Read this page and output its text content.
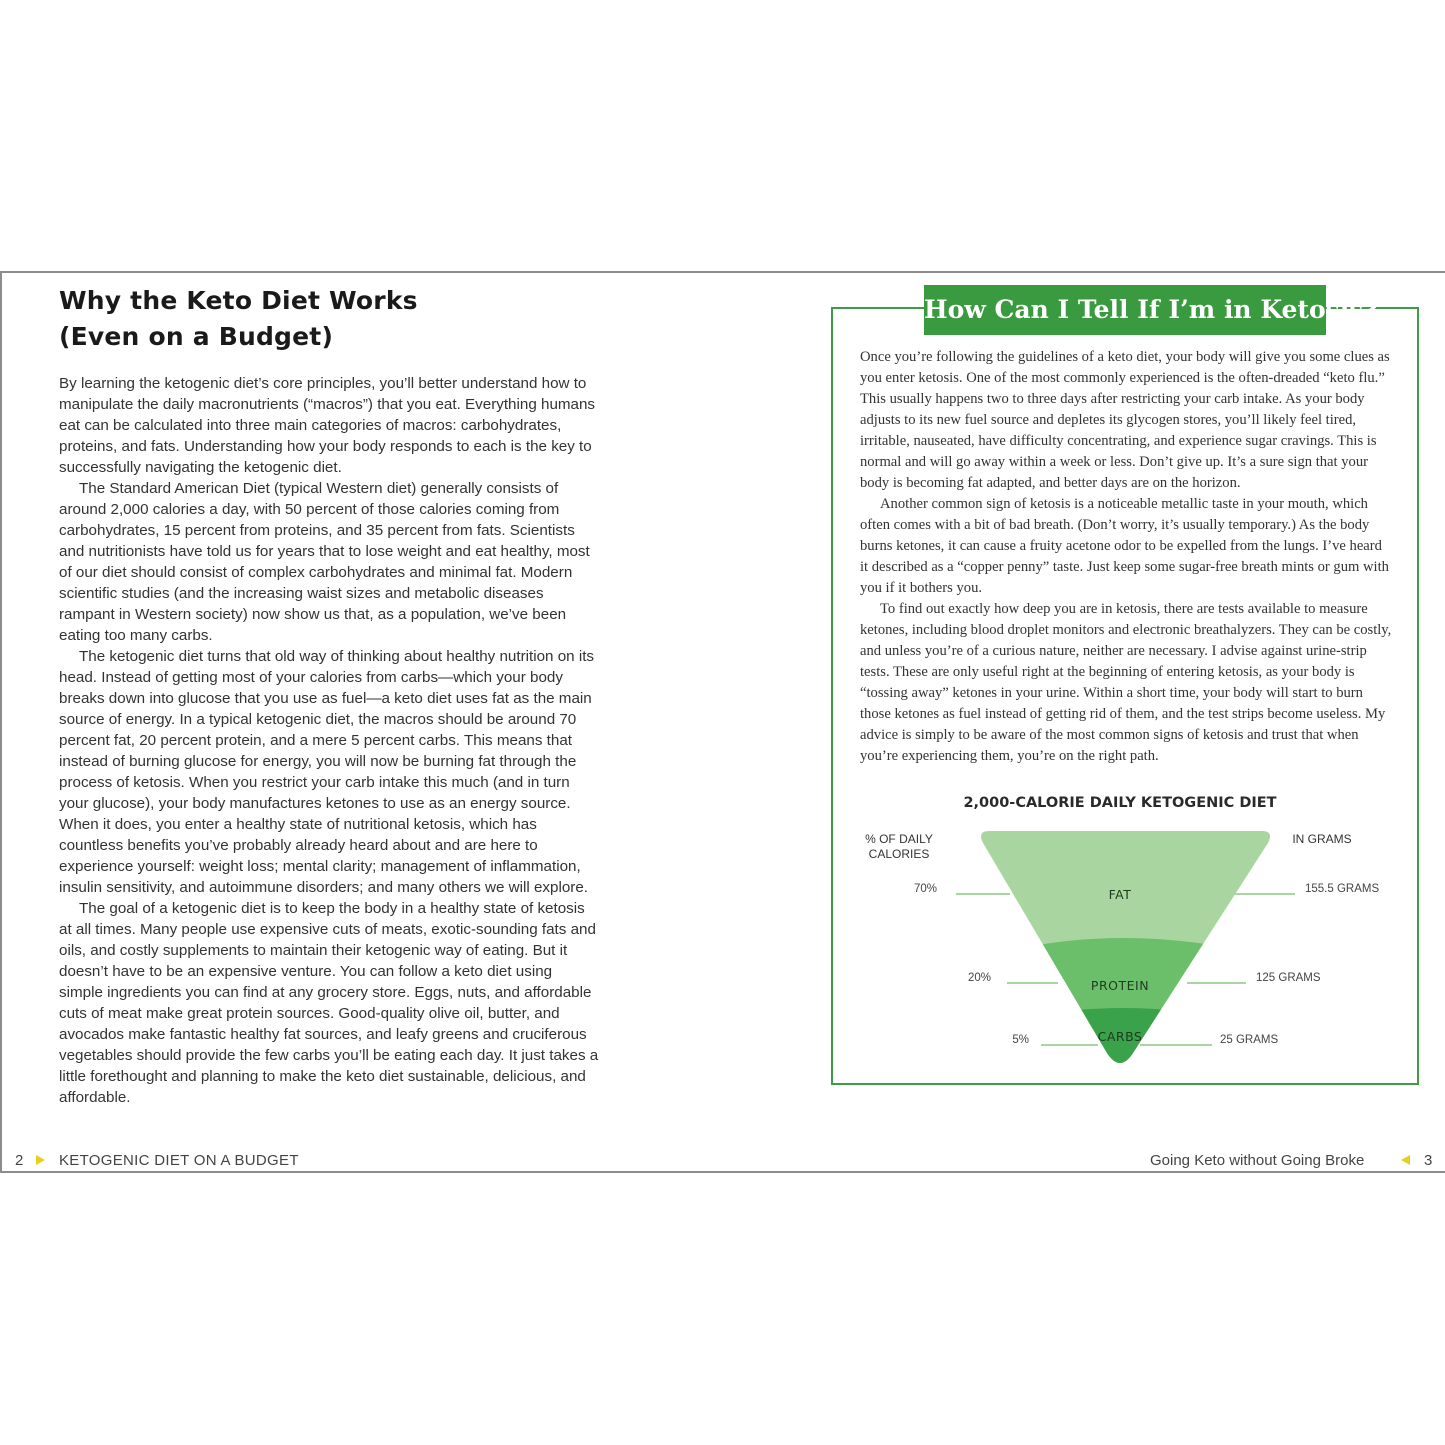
Why the Keto Diet Works
(Even on a Budget)

By learning the ketogenic diet’s core principles, you’ll better understand how to manipulate the daily macronutrients (“macros”) that you eat. Everything humans eat can be calculated into three main categories of macros: carbohydrates, proteins, and fats. Understanding how your body responds to each is the key to successfully navigating the ketogenic diet.

The Standard American Diet (typical Western diet) generally consists of around 2,000 calories a day, with 50 percent of those calories coming from carbohydrates, 15 percent from proteins, and 35 percent from fats. Scientists and nutritionists have told us for years that to lose weight and eat healthy, most of our diet should consist of complex carbohydrates and minimal fat. Modern scientific studies (and the increasing waist sizes and metabolic diseases rampant in Western society) now show us that, as a population, we’ve been eating too many carbs.

The ketogenic diet turns that old way of thinking about healthy nutrition on its head. Instead of getting most of your calories from carbs—which your body breaks down into glucose that you use as fuel—a keto diet uses fat as the main source of energy. In a typical ketogenic diet, the macros should be around 70 percent fat, 20 percent protein, and a mere 5 percent carbs. This means that instead of burning glucose for energy, you will now be burning fat through the process of ketosis. When you restrict your carb intake this much (and in turn your glucose), your body manufactures ketones to use as an energy source. When it does, you enter a healthy state of nutritional ketosis, which has countless benefits you’ve probably already heard about and are here to experience yourself: weight loss; mental clarity; management of inflammation, insulin sensitivity, and autoimmune disorders; and many others we will explore.

The goal of a ketogenic diet is to keep the body in a healthy state of ketosis at all times. Many people use expensive cuts of meats, exotic-sounding fats and oils, and costly supplements to maintain their ketogenic way of eating. But it doesn’t have to be an expensive venture. You can follow a keto diet using simple ingredients you can find at any grocery store. Eggs, nuts, and affordable cuts of meat make great protein sources. Good-quality olive oil, butter, and avocados make fantastic healthy fat sources, and leafy greens and cruciferous vegetables should provide the few carbs you’ll be eating each day. It just takes a little forethought and planning to make the keto diet sustainable, delicious, and affordable.

How Can I Tell If I’m in Ketosis?

Once you’re following the guidelines of a keto diet, your body will give you some clues as you enter ketosis. One of the most commonly experienced is the often-dreaded “keto flu.” This usually happens two to three days after restricting your carb intake. As your body adjusts to its new fuel source and depletes its glycogen stores, you’ll likely feel tired, irritable, nauseated, have difficulty concentrating, and experience sugar cravings. This is normal and will go away within a week or less. Don’t give up. It’s a sure sign that your body is becoming fat adapted, and better days are on the horizon.

Another common sign of ketosis is a noticeable metallic taste in your mouth, which often comes with a bit of bad breath. (Don’t worry, it’s usually temporary.) As the body burns ketones, it can cause a fruity acetone odor to be expelled from the lungs. I’ve heard it described as a “copper penny” taste. Just keep some sugar-free breath mints or gum with you if it bothers you.

To find out exactly how deep you are in ketosis, there are tests available to measure ketones, including blood droplet monitors and electronic breathalyzers. They can be costly, and unless you’re of a curious nature, neither are necessary. I advise against urine-strip tests. These are only useful right at the beginning of entering ketosis, as your body is “tossing away” ketones in your urine. Within a short time, your body will start to burn those ketones as fuel instead of getting rid of them, and the test strips become useless. My advice is simply to be aware of the most common signs of ketosis and trust that when you’re experiencing them, you’re on the right path.

2,000-CALORIE DAILY KETOGENIC DIET
% OF DAILY CALORIES
IN GRAMS
70%	155.5 GRAMS
FAT
20%	125 GRAMS
PROTEIN
5%	25 GRAMS
CARBS
2 KETOGENIC DIET ON A BUDGET	Going Keto without Going Broke	3
